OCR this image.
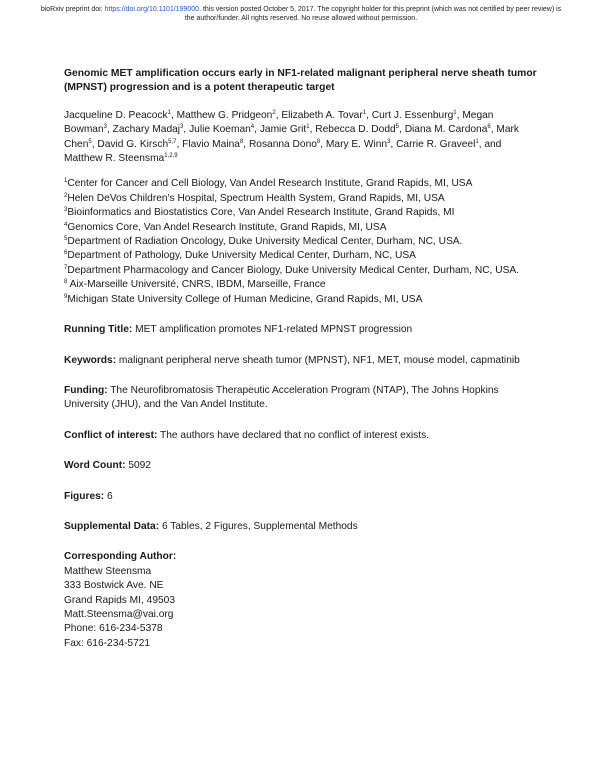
bioRxiv preprint doi: https://doi.org/10.1101/199000. this version posted October 5, 2017. The copyright holder for this preprint (which was not certified by peer review) is the author/funder. All rights reserved. No reuse allowed without permission.

Genomic MET amplification occurs early in NF1-related malignant peripheral nerve sheath tumor (MPNST) progression and is a potent therapeutic target

Jacqueline D. Peacock$^1$, Matthew G. Pridgeon$^2$, Elizabeth A. Tovar$^1$, Curt J. Essenburg$^1$, Megan Bowman$^3$, Zachary Madaj$^3$, Julie Koeman$^4$, Jamie Grit$^1$, Rebecca D. Dodd$^5$, Diana M. Cardona$^6$, Mark Chen$^5$, David G. Kirsch$^{5,7}$, Flavio Maina$^8$, Rosanna Dono$^8$, Mary E. Winn$^3$, Carrie R. Graveel$^1$, and Matthew R. Steensma$^{1,2,9}$

$^1$Center for Cancer and Cell Biology, Van Andel Research Institute, Grand Rapids, MI, USA

$^2$Helen DeVos Children's Hospital, Spectrum Health System, Grand Rapids, MI, USA

$^3$Bioinformatics and Biostatistics Core, Van Andel Research Institute, Grand Rapids, MI

$^4$Genomics Core, Van Andel Research Institute, Grand Rapids, MI, USA

$^5$Department of Radiation Oncology, Duke University Medical Center, Durham, NC, USA.

$^6$Department of Pathology, Duke University Medical Center, Durham, NC, USA

$^7$Department Pharmacology and Cancer Biology, Duke University Medical Center, Durham, NC, USA.

$^8$ Aix-Marseille Université, CNRS, IBDM, Marseille, France

$^9$Michigan State University College of Human Medicine, Grand Rapids, MI, USA

Running Title: MET amplification promotes NF1-related MPNST progression

Keywords: malignant peripheral nerve sheath tumor (MPNST), NF1, MET, mouse model, capmatinib

Funding: The Neurofibromatosis Therapeutic Acceleration Program (NTAP), The Johns Hopkins University (JHU), and the Van Andel Institute.

Conflict of interest: The authors have declared that no conflict of interest exists.

Word Count: 5092

Figures: 6

Supplemental Data: 6 Tables, 2 Figures, Supplemental Methods

Corresponding Author:

Matthew Steensma

333 Bostwick Ave. NE

Grand Rapids MI, 49503

Matt.Steensma@vai.org

Phone: 616-234-5378

Fax: 616-234-5721
